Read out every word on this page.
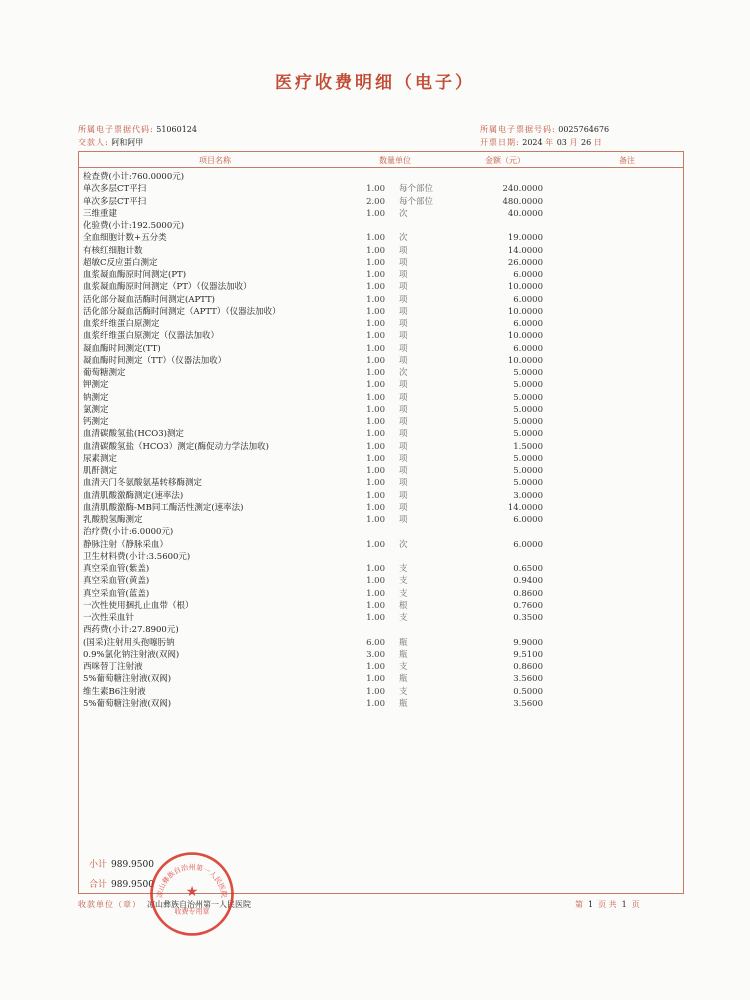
医疗收费明细（电子）
所属电子票据代码: 51060124
交款人: 阿和阿甲
所属电子票据号码: 0025764676
开票日期: 2024 年 03 月 26 日
项目名称	数量单位	金额（元）	备注
检查费(小计:760.0000元)
单次多层CT平扫	1.00 每个部位	240.0000
单次多层CT平扫	2.00 每个部位	480.0000
三维重建	1.00 次	40.0000
化验费(小计:192.5000元)
全血细胞计数+五分类	1.00 次	19.0000
有核红细胞计数	1.00 项	14.0000
超敏C反应蛋白测定	1.00 项	26.0000
血浆凝血酶原时间测定(PT)	1.00 项	6.0000
血浆凝血酶原时间测定（PT）（仪器法加收）	1.00 项	10.0000
活化部分凝血活酶时间测定(APTT)	1.00 项	6.0000
活化部分凝血活酶时间测定（APTT）（仪器法加收）	1.00 项	10.0000
血浆纤维蛋白原测定	1.00 项	6.0000
血浆纤维蛋白原测定（仪器法加收）	1.00 项	10.0000
凝血酶时间测定(TT)	1.00 项	6.0000
凝血酶时间测定（TT）（仪器法加收）	1.00 项	10.0000
葡萄糖测定	1.00 次	5.0000
钾测定	1.00 项	5.0000
钠测定	1.00 项	5.0000
氯测定	1.00 项	5.0000
钙测定	1.00 项	5.0000
血清碳酸氢盐(HCO3)测定	1.00 项	5.0000
血清碳酸氢盐（HCO3）测定(酶促动力学法加收)	1.00 项	1.5000
尿素测定	1.00 项	5.0000
肌酐测定	1.00 项	5.0000
血清天门冬氨酸氨基转移酶测定	1.00 项	5.0000
血清肌酸激酶测定(速率法)	1.00 项	3.0000
血清肌酸激酶-MB同工酶活性测定(速率法)	1.00 项	14.0000
乳酸脱氢酶测定	1.00 项	6.0000
治疗费(小计:6.0000元)
静脉注射（静脉采血）	1.00 次	6.0000
卫生材料费(小计:3.5600元)
真空采血管(紫盖)	1.00 支	0.6500
真空采血管(黄盖)	1.00 支	0.9400
真空采血管(蓝盖)	1.00 支	0.8600
一次性使用捆扎止血带（根）	1.00 根	0.7600
一次性采血针	1.00 支	0.3500
西药费(小计:27.8900元)
(国采)注射用头孢噻肟钠	6.00 瓶	9.9000
0.9%氯化钠注射液(双阀)	3.00 瓶	9.5100
西咪替丁注射液	1.00 支	0.8600
5%葡萄糖注射液(双阀)	1.00 瓶	3.5600
维生素B6注射液	1.00 支	0.5000
5%葡萄糖注射液(双阀)	1.00 瓶	3.5600
小计 989.9500
合计 989.9500
收款单位（章） 凉山彝族自治州第一人民医院	第 1 页 共 1 页
凉山彝族自治州第一人民医院
★
收费专用章
